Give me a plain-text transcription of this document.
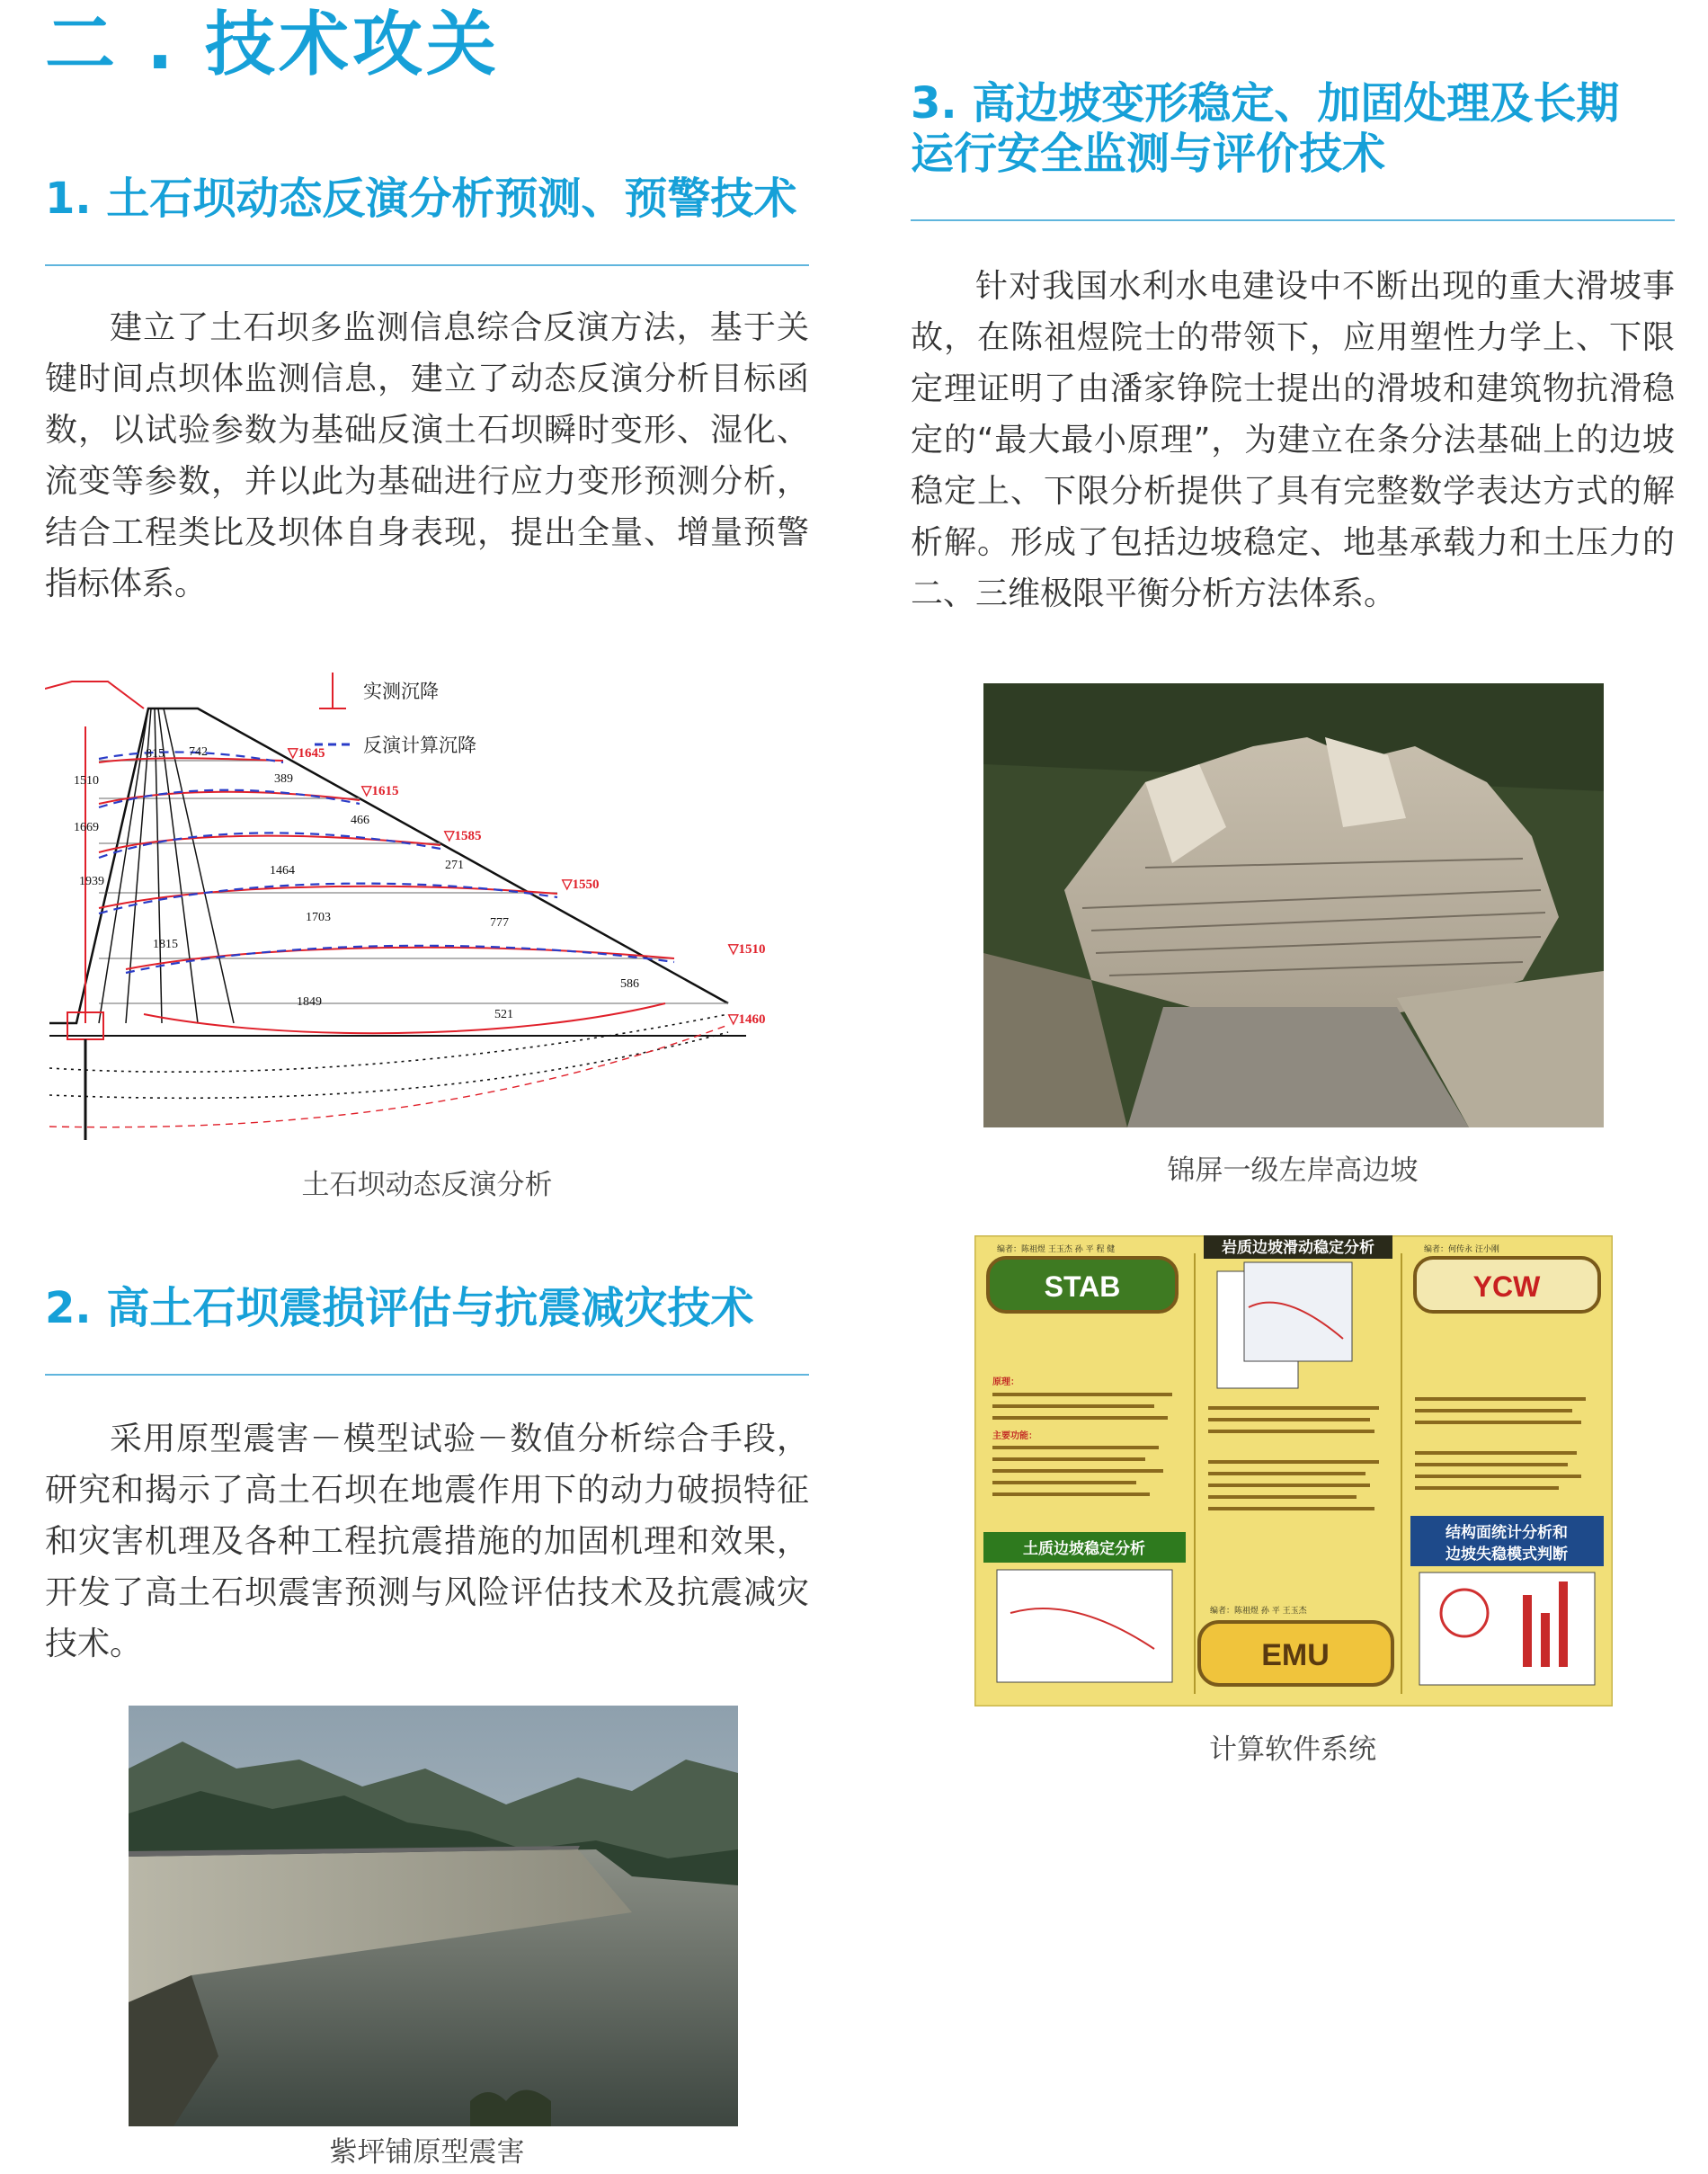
二 . 技术攻关
1. 土石坝动态反演分析预测、预警技术
建立了土石坝多监测信息综合反演方法，基于关键时间点坝体监测信息，建立了动态反演分析目标函数，以试验参数为基础反演土石坝瞬时变形、湿化、流变等参数，并以此为基础进行应力变形预测分析，结合工程类比及坝体自身表现，提出全量、增量预警指标体系。
实测沉降
反演计算沉降
▽1645
▽1615
▽1585
▽1550
▽1510
▽1460
815 742
389
466
271
1464
1703	777
1849
586
521
1510
1669
1939
1815
土石坝动态反演分析
2. 高土石坝震损评估与抗震减灾技术
采用原型震害－模型试验－数值分析综合手段，研究和揭示了高土石坝在地震作用下的动力破损特征和灾害机理及各种工程抗震措施的加固机理和效果，开发了高土石坝震害预测与风险评估技术及抗震减灾技术。
紫坪铺原型震害
3. 高边坡变形稳定、加固处理及长期
运行安全监测与评价技术
针对我国水利水电建设中不断出现的重大滑坡事故，在陈祖煜院士的带领下，应用塑性力学上、下限定理证明了由潘家铮院士提出的滑坡和建筑物抗滑稳定的“最大最小原理”，为建立在条分法基础上的边坡稳定上、下限分析提供了具有完整数学表达方式的解析解。形成了包括边坡稳定、地基承载力和土压力的二、三维极限平衡分析方法体系。
锦屏一级左岸高边坡
STAB	YCW
EMU
岩质边坡滑动稳定分析
土质边坡稳定分析
结构面统计分析和
边坡失稳模式判断
编者：陈祖煜 王玉杰 孙 平 程 健	编者：何传永 汪小刚
编者：陈祖煜 孙 平 王玉杰
原理：
主要功能：
计算软件系统
